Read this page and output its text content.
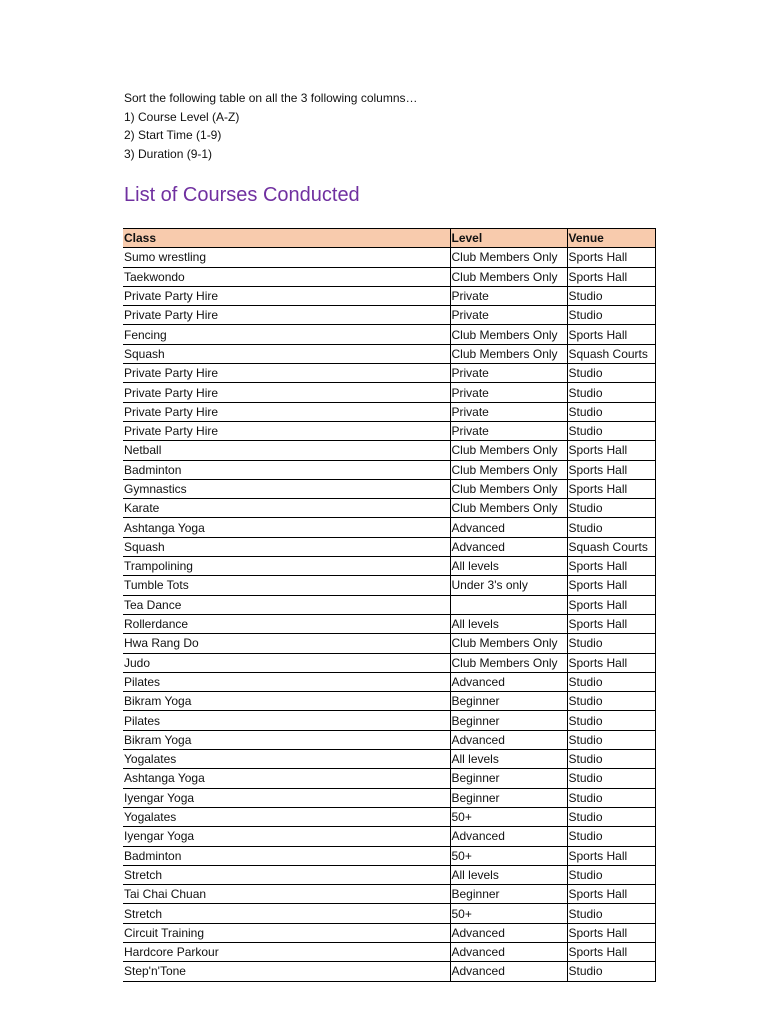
Sort the following table on all the 3 following columns…
1) Course Level (A-Z)
2) Start Time (1-9)
3) Duration (9-1)
List of Courses Conducted
Class	Level	Venue
Sumo wrestling	Club Members Only	Sports Hall
Taekwondo	Club Members Only	Sports Hall
Private Party Hire	Private	Studio
Private Party Hire	Private	Studio
Fencing	Club Members Only	Sports Hall
Squash	Club Members Only	Squash Courts
Private Party Hire	Private	Studio
Private Party Hire	Private	Studio
Private Party Hire	Private	Studio
Private Party Hire	Private	Studio
Netball	Club Members Only	Sports Hall
Badminton	Club Members Only	Sports Hall
Gymnastics	Club Members Only	Sports Hall
Karate	Club Members Only	Studio
Ashtanga Yoga	Advanced	Studio
Squash	Advanced	Squash Courts
Trampolining	All levels	Sports Hall
Tumble Tots	Under 3's only	Sports Hall
Tea Dance		Sports Hall
Rollerdance	All levels	Sports Hall
Hwa Rang Do	Club Members Only	Studio
Judo	Club Members Only	Sports Hall
Pilates	Advanced	Studio
Bikram Yoga	Beginner	Studio
Pilates	Beginner	Studio
Bikram Yoga	Advanced	Studio
Yogalates	All levels	Studio
Ashtanga Yoga	Beginner	Studio
Iyengar Yoga	Beginner	Studio
Yogalates	50+	Studio
Iyengar Yoga	Advanced	Studio
Badminton	50+	Sports Hall
Stretch	All levels	Studio
Tai Chai Chuan	Beginner	Sports Hall
Stretch	50+	Studio
Circuit Training	Advanced	Sports Hall
Hardcore Parkour	Advanced	Sports Hall
Step'n'Tone	Advanced	Studio
